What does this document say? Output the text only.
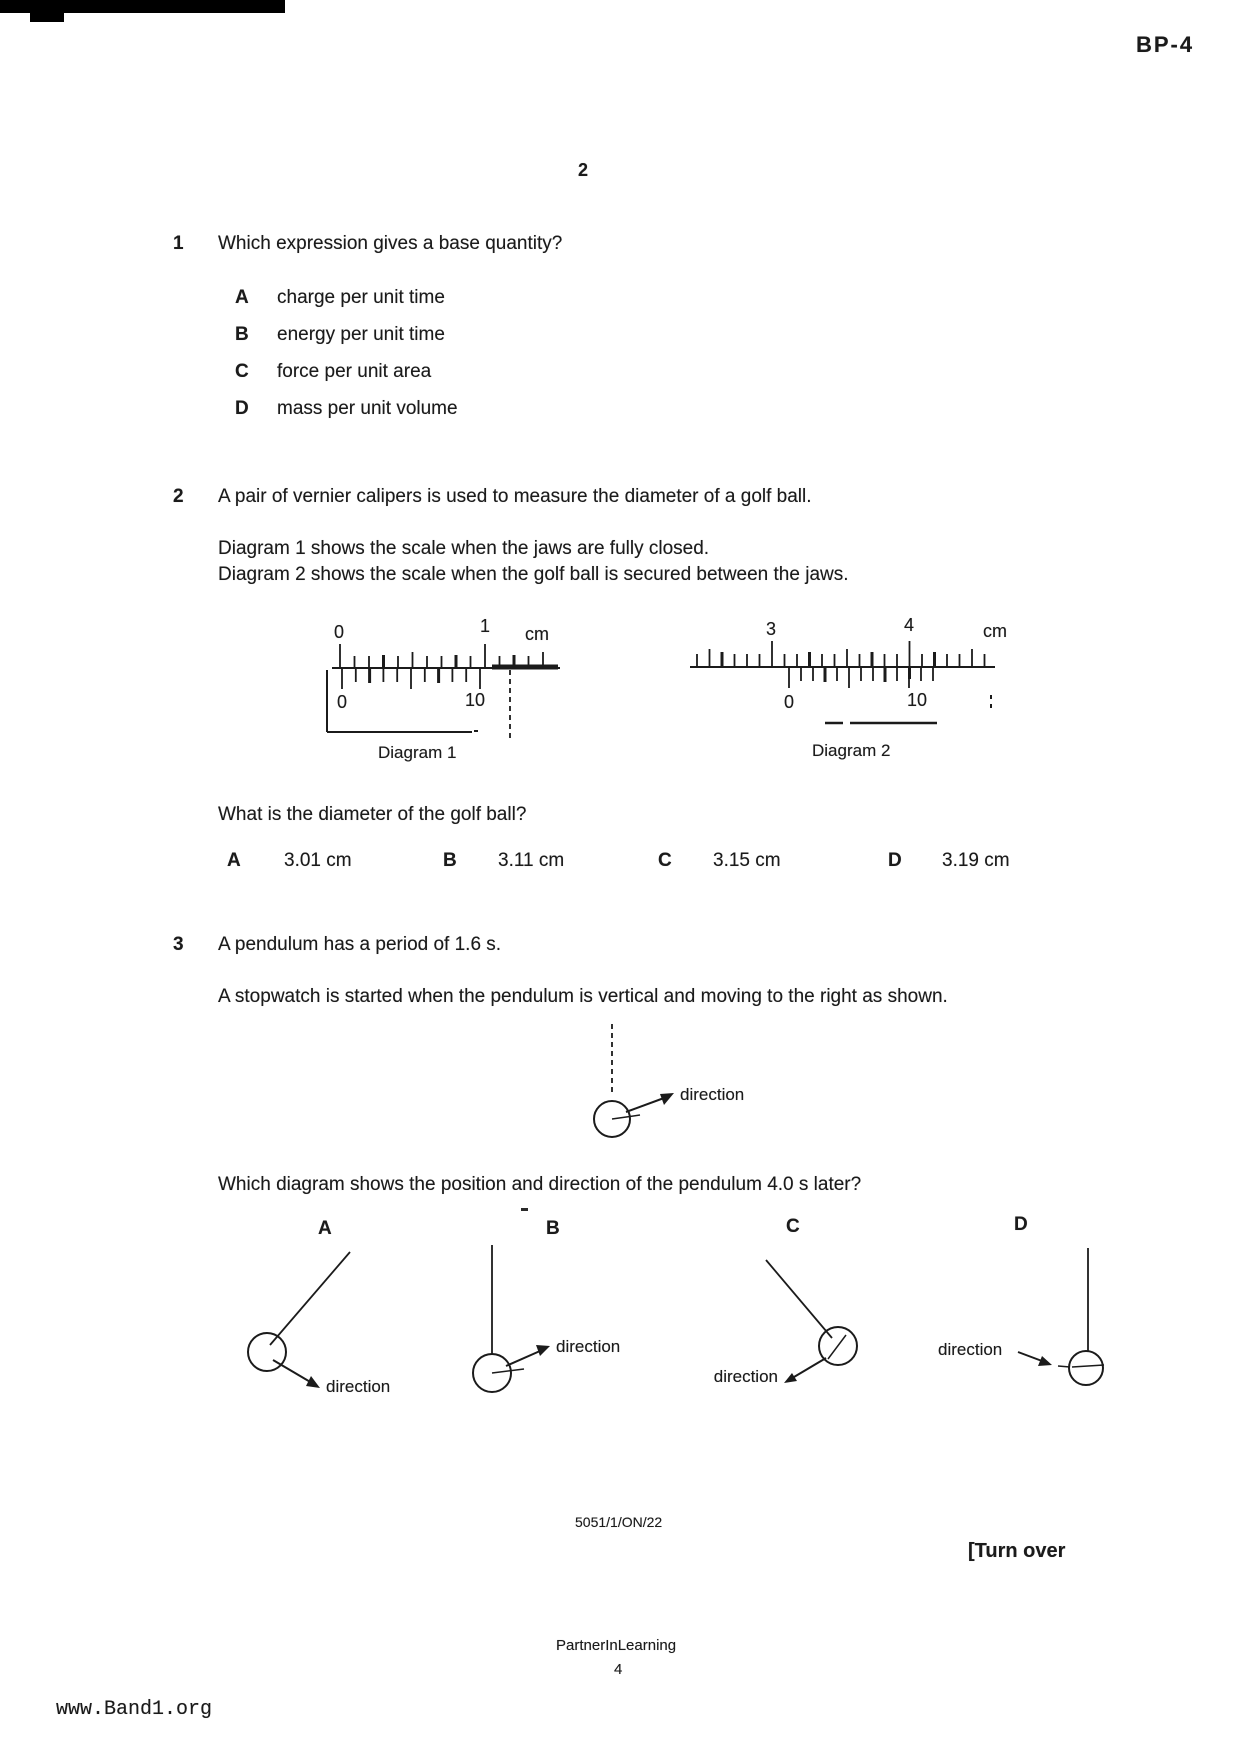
BP-4
2
1 Which expression gives a base quantity?
A charge per unit time
B energy per unit time
C force per unit area
D mass per unit volume
2 A pair of vernier calipers is used to measure the diameter of a golf ball.
Diagram 1 shows the scale when the jaws are fully closed.
Diagram 2 shows the scale when the golf ball is secured between the jaws.
0	1 cm
0	10
Diagram 1
3	4	cm
0	10
Diagram 2
What is the diameter of the golf ball?
A 3.01 cm	B 3.11 cm	C 3.15 cm	D 3.19 cm
3 A pendulum has a period of 1.6 s.
A stopwatch is started when the pendulum is vertical and moving to the right as shown.
direction
Which diagram shows the position and direction of the pendulum 4.0 s later?
A	B	C	D
direction
direction
direction
direction
5051/1/ON/22
[Turn over
PartnerInLearning
4
www.Band1.org
